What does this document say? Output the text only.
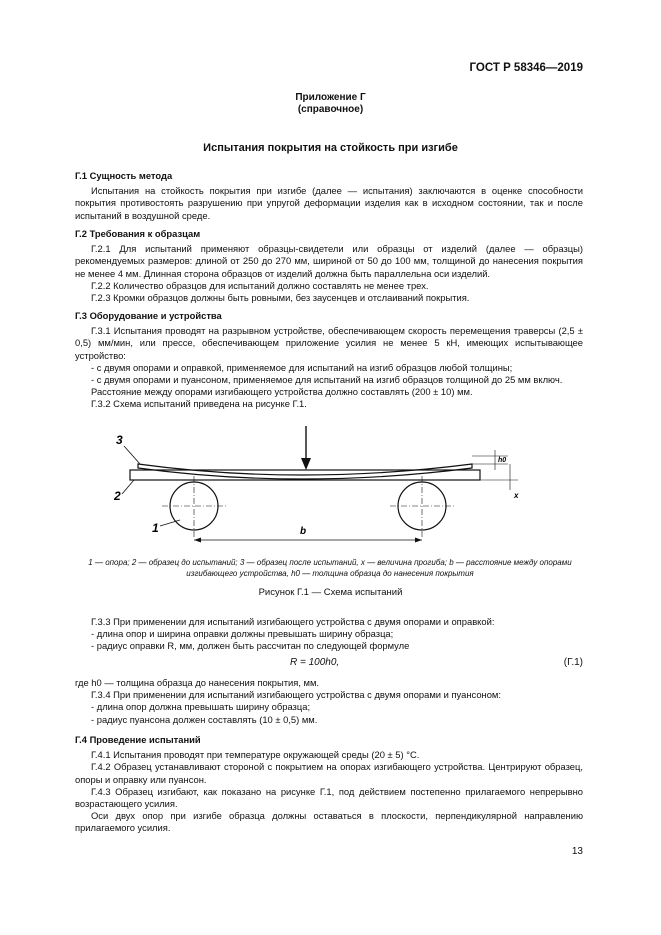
ГОСТ Р 58346—2019
Приложение Г
(справочное)
Испытания покрытия на стойкость при изгибе
Г.1 Сущность метода
Испытания на стойкость покрытия при изгибе (далее — испытания) заключаются в оценке способности покрытия противостоять разрушению при упругой деформации изделия как в исходном состоянии, так и после испытаний в воздушной среде.
Г.2 Требования к образцам
Г.2.1 Для испытаний применяют образцы-свидетели или образцы от изделий (далее — образцы) рекомендуемых размеров: длиной от 250 до 270 мм, шириной от 50 до 100 мм, толщиной до нанесения покрытия не менее 4 мм. Длинная сторона образцов от изделий должна быть параллельна оси изделий.
Г.2.2 Количество образцов для испытаний должно составлять не менее трех.
Г.2.3 Кромки образцов должны быть ровными, без заусенцев и отслаиваний покрытия.
Г.3 Оборудование и устройства
Г.3.1 Испытания проводят на разрывном устройстве, обеспечивающем скорость перемещения траверсы (2,5 ± 0,5) мм/мин, или прессе, обеспечивающем приложение усилия не менее 5 кН, имеющих испытывающее устройство:
- с двумя опорами и оправкой, применяемое для испытаний на изгиб образцов любой толщины;
- с двумя опорами и пуансоном, применяемое для испытаний на изгиб образцов толщиной до 25 мм включ.
Расстояние между опорами изгибающего устройства должно составлять (200 ± 10) мм.
Г.3.2 Схема испытаний приведена на рисунке Г.1.
b
h0
x
3
2
1
1 — опора; 2 — образец до испытаний; 3 — образец после испытаний, x — величина прогиба; b — расстояние между опорами
изгибающего устройства, h0 — толщина образца до нанесения покрытия
Рисунок Г.1 — Схема испытаний
Г.3.3 При применении для испытаний изгибающего устройства с двумя опорами и оправкой:
- длина опор и ширина оправки должны превышать ширину образца;
- радиус оправки R, мм, должен быть рассчитан по следующей формуле
R = 100h0,	(Г.1)
где h0 — толщина образца до нанесения покрытия, мм.
Г.3.4 При применении для испытаний изгибающего устройства с двумя опорами и пуансоном:
- длина опор должна превышать ширину образца;
- радиус пуансона должен составлять (10 ± 0,5) мм.
Г.4 Проведение испытаний
Г.4.1 Испытания проводят при температуре окружающей среды (20 ± 5) °С.
Г.4.2 Образец устанавливают стороной с покрытием на опорах изгибающего устройства. Центрируют образец, опоры и оправку или пуансон.
Г.4.3 Образец изгибают, как показано на рисунке Г.1, под действием постепенно прилагаемого непрерывно возрастающего усилия.
Оси двух опор при изгибе образца должны оставаться в плоскости, перпендикулярной направлению прилагаемого усилия.
13
